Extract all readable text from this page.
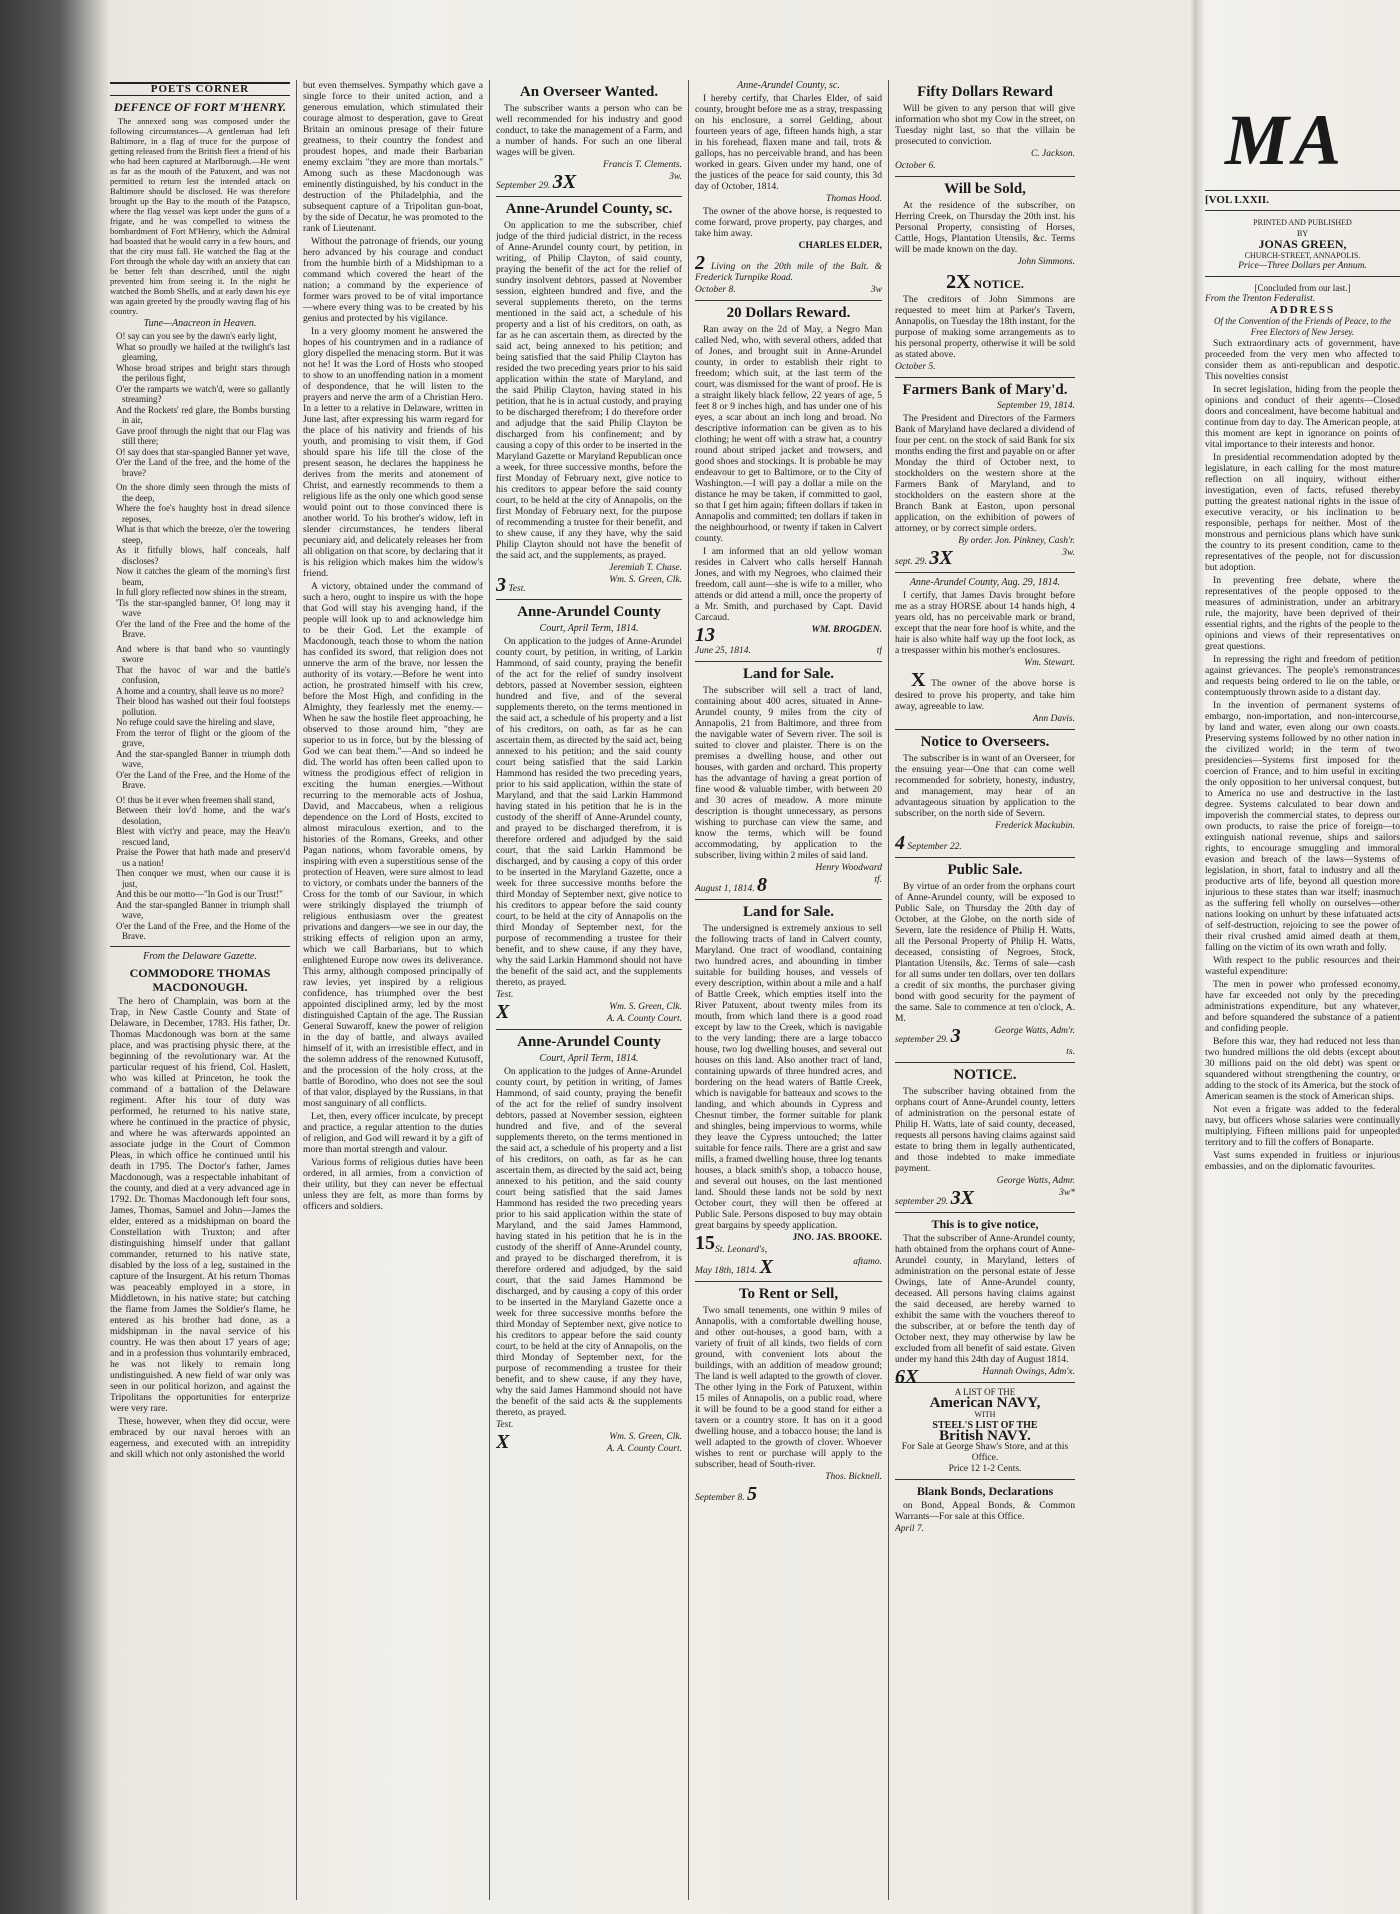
POETS CORNER
DEFENCE OF FORT M'HENRY.

The annexed song was composed under the following circumstances—A gentleman had left Baltimore, in a flag of truce for the purpose of getting released from the British fleet a friend of his who had been captured at Marlborough.—He went as far as the mouth of the Patuxent, and was not permitted to return lest the intended attack on Baltimore should be disclosed. He was therefore brought up the Bay to the mouth of the Patapsco, where the flag vessel was kept under the guns of a frigate, and he was compelled to witness the bombardment of Fort M'Henry, which the Admiral had boasted that he would carry in a few hours, and that the city must fall. He watched the flag at the Fort through the whole day with an anxiety that can be better felt than described, until the night prevented him from seeing it. In the night he watched the Bomb Shells, and at early dawn his eye was again greeted by the proudly waving flag of his country.

Tune—Anacreon in Heaven.
O! say can you see by the dawn's early light,
What so proudly we hailed at the twilight's last gleaming,
Whose broad stripes and bright stars through the perilous fight,
O'er the ramparts we watch'd, were so gallantly streaming?
And the Rockets' red glare, the Bombs bursting in air,
Gave proof through the night that our Flag was still there;
O! say does that star-spangled Banner yet wave,
O'er the Land of the free, and the home of the brave?
On the shore dimly seen through the mists of the deep,
Where the foe's haughty host in dread silence reposes,
What is that which the breeze, o'er the towering steep,
As it fitfully blows, half conceals, half discloses?
Now it catches the gleam of the morning's first beam,
In full glory reflected now shines in the stream,
'Tis the star-spangled banner, O! long may it wave
O'er the land of the Free and the home of the Brave.
And where is that band who so vauntingly swore
That the havoc of war and the battle's confusion,
A home and a country, shall leave us no more?
Their blood has washed out their foul footsteps pollution.
No refuge could save the hireling and slave,
From the terror of flight or the gloom of the grave,
And the star-spangled Banner in triumph doth wave,
O'er the Land of the Free, and the Home of the Brave.
O! thus be it ever when freemen shall stand,
Between their lov'd home, and the war's desolation,
Blest with vict'ry and peace, may the Heav'n rescued land,
Praise the Power that hath made and preserv'd us a nation!
Then conquer we must, when our cause it is just,
And this be our motto—"In God is our Trust!"
And the star-spangled Banner in triumph shall wave,
O'er the Land of the Free, and the Home of the Brave.
From the Delaware Gazette.
COMMODORE THOMAS MACDONOUGH.

The hero of Champlain, was born at the Trap, in New Castle County and State of Delaware, in December, 1783. His father, Dr. Thomas Macdonough was born at the same place, and was practising physic there, at the beginning of the revolutionary war. At the particular request of his friend, Col. Haslett, who was killed at Princeton, he took the command of a battalion of the Delaware regiment. After his tour of duty was performed, he returned to his native state, where he continued in the practice of physic, and where he was afterwards appointed an associate judge in the Court of Common Pleas, in which office he continued until his death in 1795. The Doctor's father, James Macdonough, was a respectable inhabitant of the county, and died at a very advanced age in 1792. Dr. Thomas Macdonough left four sons, James, Thomas, Samuel and John—James the elder, entered as a midshipman on board the Constellation with Truxton; and after distinguishing himself under that gallant commander, returned to his native state, disabled by the loss of a leg, sustained in the capture of the Insurgent. At his return Thomas was peaceably employed in a store, in Middletown, in his native state; but catching the flame from James the Soldier's flame, he entered as his brother had done, as a midshipman in the naval service of his country. He was then about 17 years of age; and in a profession thus voluntarily embraced, he was not likely to remain long undistinguished. A new field of war only was seen in our political horizon, and against the Tripolitans the opportunities for enterprize were very rare.

These, however, when they did occur, were embraced by our naval heroes with an eagerness, and executed with an intrepidity and skill which not only astonished the world

but even themselves. Sympathy which gave a single force to their united action, and a generous emulation, which stimulated their courage almost to desperation, gave to Great Britain an ominous presage of their future greatness, to their country the fondest and proudest hopes, and made their Barbarian enemy exclaim "they are more than mortals." Among such as these Macdonough was eminently distinguished, by his conduct in the destruction of the Philadelphia, and the subsequent capture of a Tripolitan gun-boat, by the side of Decatur, he was promoted to the rank of Lieutenant.

Without the patronage of friends, our young hero advanced by his courage and conduct from the humble birth of a Midshipman to a command which covered the heart of the nation; a command by the experience of former wars proved to be of vital importance—where every thing was to be created by his genius and protected by his vigilance.

In a very gloomy moment he answered the hopes of his countrymen and in a radiance of glory dispelled the menacing storm. But it was not he! It was the Lord of Hosts who stooped to show to an unoffending nation in a moment of despondence, that he will listen to the prayers and nerve the arm of a Christian Hero. In a letter to a relative in Delaware, written in June last, after expressing his warm regard for the place of his nativity and friends of his youth, and promising to visit them, if God should spare his life till the close of the present season, he declares the happiness he derives from the merits and atonement of Christ, and earnestly recommends to them a religious life as the only one which good sense would point out to those convinced there is another world. To his brother's widow, left in slender circumstances, he tenders liberal pecuniary aid, and delicately releases her from all obligation on that score, by declaring that it is his religion which makes him the widow's friend.

A victory, obtained under the command of such a hero, ought to inspire us with the hope that God will stay his avenging hand, if the people will look up to and acknowledge him to be their God. Let the example of Macdonough, teach those to whom the nation has confided its sword, that religion does not unnerve the arm of the brave, nor lessen the authority of its votary.—Before he went into action, he prostrated himself with his crew, before the Most High, and confiding in the Almighty, they fearlessly met the enemy.—When he saw the hostile fleet approaching, he observed to those around him, "they are superior to us in force, but by the blessing of God we can beat them."—And so indeed he did. The world has often been called upon to witness the prodigious effect of religion in exciting the human energies.—Without recurring to the memorable acts of Joshua, David, and Maccabeus, when a religious dependence on the Lord of Hosts, excited to almost miraculous exertion, and to the histories of the Romans, Greeks, and other Pagan nations, whom favorable omens, by inspiring with even a superstitious sense of the protection of Heaven, were sure almost to lead to victory, or combats under the banners of the Cross for the tomb of our Saviour, in which were strikingly displayed the triumph of religious enthusiasm over the greatest privations and dangers—we see in our day, the striking effects of religion upon an army, which we call Barbarians, but to which enlightened Europe now owes its deliverance. This army, although composed principally of raw levies, yet inspired by a religious confidence, has triumphed over the best appointed disciplined army, led by the most distinguished Captain of the age. The Russian General Suwaroff, knew the power of religion in the day of battle, and always availed himself of it, with an irresistible effect, and in the solemn address of the renowned Kutusoff, and the procession of the holy cross, at the battle of Borodino, who does not see the soul of that valor, displayed by the Russians, in that most sanguinary of all conflicts.

Let, then, every officer inculcate, by precept and practice, a regular attention to the duties of religion, and God will reward it by a gift of more than mortal strength and valour.

Various forms of religious duties have been ordered, in all armies, from a conviction of their utility, but they can never be effectual unless they are felt, as more than forms by officers and soldiers.

An Overseer Wanted.

The subscriber wants a person who can be well recommended for his industry and good conduct, to take the management of a Farm, and a number of hands. For such an one liberal wages will be given.

Francis T. Clements.
September 29. 3X	3w.
Anne-Arundel County, sc.

On application to me the subscriber, chief judge of the third judicial district, in the recess of Anne-Arundel county court, by petition, in writing, of Philip Clayton, of said county, praying the benefit of the act for the relief of sundry insolvent debtors, passed at November session, eighteen hundred and five, and the several supplements thereto, on the terms mentioned in the said act, a schedule of his property and a list of his creditors, on oath, as far as he can ascertain them, as directed by the said act, being annexed to his petition; and being satisfied that the said Philip Clayton has resided the two preceding years prior to his said application within the state of Maryland, and the said Philip Clayton, having stated in his petition, that he is in actual custody, and praying to be discharged therefrom; I do therefore order and adjudge that the said Philip Clayton be discharged from his confinement; and by causing a copy of this order to be inserted in the Maryland Gazette or Maryland Republican once a week, for three successive months, before the first Monday of February next, give notice to his creditors to appear before the said county court, to be held at the city of Annapolis, on the first Monday of February next, for the purpose of recommending a trustee for their benefit, and to shew cause, if any they have, why the said Philip Clayton should not have the benefit of the said act, and the supplements, as prayed.

Jeremiah T. Chase.
3 Test.
Wm. S. Green, Clk.
Anne-Arundel County
Court, April Term, 1814.

On application to the judges of Anne-Arundel county court, by petition, in writing, of Larkin Hammond, of said county, praying the benefit of the act for the relief of sundry insolvent debtors, passed at November session, eighteen hundred and five, and of the several supplements thereto, on the terms mentioned in the said act, a schedule of his property and a list of his creditors, on oath, as far as he can ascertain them, as directed by the said act, being annexed to his petition; and the said county court being satisfied that the said Larkin Hammond has resided the two preceding years, prior to his said application, within the state of Maryland, and that the said Larkin Hammond having stated in his petition that he is in the custody of the sheriff of Anne-Arundel county, and prayed to be discharged therefrom, it is therefore ordered and adjudged by the said court, that the said Larkin Hammond be discharged, and by causing a copy of this order to be inserted in the Maryland Gazette, once a week for three successive months before the third Monday of September next, give notice to his creditors to appear before the said county court, to be held at the city of Annapolis on the third Monday of September next, for the purpose of recommending a trustee for their benefit, and to shew cause, if any they have, why the said Larkin Hammond should not have the benefit of the said act, and the supplements thereto, as prayed.

Test.
X	Wm. S. Green, Clk.
A. A. County Court.
Anne-Arundel County
Court, April Term, 1814.

On application to the judges of Anne-Arundel county court, by petition in writing, of James Hammond, of said county, praying the benefit of the act for the relief of sundry insolvent debtors, passed at November session, eighteen hundred and five, and of the several supplements thereto, on the terms mentioned in the said act, a schedule of his property and a list of his creditors, on oath, as far as he can ascertain them, as directed by the said act, being annexed to his petition, and the said county court being satisfied that the said James Hammond has resided the two preceding years prior to his said application within the state of Maryland, and the said James Hammond, having stated in his petition that he is in the custody of the sheriff of Anne-Arundel county, and prayed to be discharged therefrom, it is therefore ordered and adjudged, by the said court, that the said James Hammond be discharged, and by causing a copy of this order to be inserted in the Maryland Gazette once a week for three successive months before the third Monday of September next, give notice to his creditors to appear before the said county court, to be held at the city of Annapolis, on the third Monday of September next, for the purpose of recommending a trustee for their benefit, and to shew cause, if any they have, why the said James Hammond should not have the benefit of the said acts & the supplements thereto, as prayed.

Test.
X	Wm. S. Green, Clk.
A. A. County Court.
Anne-Arundel County, sc.

I hereby certify, that Charles Elder, of said county, brought before me as a stray, trespassing on his enclosure, a sorrel Gelding, about fourteen years of age, fifteen hands high, a star in his forehead, flaxen mane and tail, trots & gallops, has no perceivable brand, and has been worked in gears. Given under my hand, one of the justices of the peace for said county, this 3d day of October, 1814.

Thomas Hood.

The owner of the above horse, is requested to come forward, prove property, pay charges, and take him away.

CHARLES ELDER,
2 Living on the 20th mile of the Balt. & Frederick Turnpike Road.
October 8.	3w
20 Dollars Reward.

Ran away on the 2d of May, a Negro Man called Ned, who, with several others, added that of Jones, and brought suit in Anne-Arundel county, in order to establish their right to freedom; which suit, at the last term of the court, was dismissed for the want of proof. He is a straight likely black fellow, 22 years of age, 5 feet 8 or 9 inches high, and has under one of his eyes, a scar about an inch long and broad. No descriptive information can be given as to his clothing; he went off with a straw hat, a country round about striped jacket and trowsers, and good shoes and stockings. It is probable he may endeavour to get to Baltimore, or to the City of Washington.—I will pay a dollar a mile on the distance he may be taken, if committed to gaol, so that I get him again; fifteen dollars if taken in Annapolis and committed; ten dollars if taken in the neighbourhood, or twenty if taken in Calvert county.

I am informed that an old yellow woman resides in Calvert who calls herself Hannah Jones, and with my Negroes, who claimed their freedom, call aunt—she is wife to a miller, who attends or did attend a mill, once the property of a Mr. Smith, and purchased by Capt. David Carcaud.

13	WM. BROGDEN.
June 25, 1814.	tf
Land for Sale.

The subscriber will sell a tract of land, containing about 400 acres, situated in Anne-Arundel county, 9 miles from the city of Annapolis, 21 from Baltimore, and three from the navigable water of Severn river. The soil is suited to clover and plaister. There is on the premises a dwelling house, and other out houses, with garden and orchard. This property has the advantage of having a great portion of fine wood & valuable timber, with between 20 and 30 acres of meadow. A more minute description is thought unnecessary, as persons wishing to purchase can view the same, and know the terms, which will be found accommodating, by application to the subscriber, living within 2 miles of said land.

Henry Woodward
August 1, 1814. 8	tf.
Land for Sale.

The undersigned is extremely anxious to sell the following tracts of land in Calvert county, Maryland. One tract of woodland, containing two hundred acres, and abounding in timber suitable for building houses, and vessels of every description, within about a mile and a half of Battle Creek, which empties itself into the River Patuxent, about twenty miles from its mouth, from which land there is a good road except by law to the Creek, which is navigable to the very landing; there are a large tobacco house, two log dwelling houses, and several out houses on this land. Also another tract of land, containing upwards of three hundred acres, and bordering on the head waters of Battle Creek, which is navigable for batteaux and scows to the landing, and which abounds in Cypress and Chesnut timber, the former suitable for plank and shingles, being impervious to worms, while they leave the Cypress untouched; the latter suitable for fence rails. There are a grist and saw mills, a framed dwelling house, three log tenants houses, a black smith's shop, a tobacco house, and several out houses, on the last mentioned land. Should these lands not be sold by next October court, they will then be offered at Public Sale. Persons disposed to buy may obtain great bargains by speedy application.

15	JNO. JAS. BROOKE.
St. Leonard's,
May 18th, 1814. X	aftamo.
To Rent or Sell,

Two small tenements, one within 9 miles of Annapolis, with a comfortable dwelling house, and other out-houses, a good barn, with a variety of fruit of all kinds, two fields of corn ground, with convenient lots about the buildings, with an addition of meadow ground; The land is well adapted to the growth of clover. The other lying in the Fork of Patuxent, within 15 miles of Annapolis, on a public road, where it will be found to be a good stand for either a tavern or a country store. It has on it a good dwelling house, and a tobacco house; the land is well adapted to the growth of clover. Whoever wishes to rent or purchase will apply to the subscriber, head of South-river.

Thos. Bicknell.
September 8. 5
Fifty Dollars Reward

Will be given to any person that will give information who shot my Cow in the street, on Tuesday night last, so that the villain be prosecuted to conviction.

C. Jackson.
October 6.
Will be Sold,

At the residence of the subscriber, on Herring Creek, on Thursday the 20th inst. his Personal Property, consisting of Horses, Cattle, Hogs, Plantation Utensils, &c. Terms will be made known on the day.

John Simmons.
2X NOTICE.

The creditors of John Simmons are requested to meet him at Parker's Tavern, Annapolis, on Tuesday the 18th instant, for the purpose of making some arrangements as to his personal property, otherwise it will be sold as stated above.

October 5.
Farmers Bank of Mary'd.
September 19, 1814.

The President and Directors of the Farmers Bank of Maryland have declared a dividend of four per cent. on the stock of said Bank for six months ending the first and payable on or after Monday the third of October next, to stockholders on the western shore at the Farmers Bank of Maryland, and to stockholders on the eastern shore at the Branch Bank at Easton, upon personal application, on the exhibition of powers of attorney, or by correct simple orders.

By order. Jon. Pinkney, Cash'r.
sept. 29. 3X	3w.
Anne-Arundel County, Aug. 29, 1814.

I certify, that James Davis brought before me as a stray HORSE about 14 hands high, 4 years old, has no perceivable mark or brand, except that the near fore hoof is white, and the hair is also white half way up the foot lock, as a trespasser within his mother's enclosures.

Wm. Stewart.

X The owner of the above horse is desired to prove his property, and take him away, agreeable to law.

Ann Davis.
Notice to Overseers.

The subscriber is in want of an Overseer, for the ensuing year—One that can come well recommended for sobriety, honesty, industry, and management, may hear of an advantageous situation by application to the subscriber, on the north side of Severn.

Frederick Mackubin.
4 September 22.
Public Sale.

By virtue of an order from the orphans court of Anne-Arundel county, will be exposed to Public Sale, on Thursday the 20th day of October, at the Globe, on the north side of Severn, late the residence of Philip H. Watts, all the Personal Property of Philip H. Watts, deceased, consisting of Negroes, Stock, Plantation Utensils, &c. Terms of sale—cash for all sums under ten dollars, over ten dollars a credit of six months, the purchaser giving bond with good security for the payment of the same. Sale to commence at ten o'clock, A. M.

september 29. 3	George Watts, Adm'r.
ts.
NOTICE.

The subscriber having obtained from the orphans court of Anne-Arundel county, letters of administration on the personal estate of Philip H. Watts, late of said county, deceased, requests all persons having claims against said estate to bring them in legally authenticated, and those indebted to make immediate payment.

George Watts, Admr.
september 29. 3X	3w*
This is to give notice,

That the subscriber of Anne-Arundel county, hath obtained from the orphans court of Anne-Arundel county, in Maryland, letters of administration on the personal estate of Jesse Owings, late of Anne-Arundel county, deceased. All persons having claims against the said deceased, are hereby warned to exhibit the same with the vouchers thereof to the subscriber, at or before the tenth day of October next, they may otherwise by law be excluded from all benefit of said estate. Given under my hand this 24th day of August 1814.

6X	Hannah Owings, Adm'x.
A LIST OF THE
American NAVY,
WITH
STEEL'S LIST OF THE
British NAVY.
For Sale at George Shaw's Store, and at this Office.
Price 12 1-2 Cents.
Blank Bonds, Declarations

on Bond, Appeal Bonds, & Common Warrants—For sale at this Office.

April 7.
MA
[VOL LXXII.
PRINTED AND PUBLISHED
BY
JONAS GREEN,
CHURCH-STREET, ANNAPOLIS.
Price—Three Dollars per Annum.
[Concluded from our last.]
From the Trenton Federalist.
ADDRESS
Of the Convention of the Friends of Peace, to the Free Electors of New Jersey.

Such extraordinary acts of government, have proceeded from the very men who affected to consider them as anti-republican and despotic. This novelties consist

In secret legislation, hiding from the people the opinions and conduct of their agents—Closed doors and concealment, have become habitual and continue from day to day. The American people, at this moment are kept in ignorance on points of vital importance to their interests and honor.

In presidential recommendation adopted by the legislature, in each calling for the most mature reflection on all inquiry, without either investigation, even of facts, refused thereby putting the greatest national rights in the issue of executive veracity, or his inclination to be responsible, perhaps for neither. Most of the monstrous and pernicious plans which have sunk the country to its present condition, came to the representatives of the people, not for discussion but adoption.

In preventing free debate, where the representatives of the people opposed to the measures of administration, under an arbitrary rule, the majority, have been deprived of their essential rights, and the rights of the people to the opinions and views of their representatives on great questions.

In repressing the right and freedom of petition against grievances. The people's remonstrances and requests being ordered to lie on the table, or contemptuously thrown aside to a distant day.

In the invention of permanent systems of embargo, non-importation, and non-intercourse, by land and water, even along our own coasts. Preserving systems followed by no other nation in the civilized world; in the term of two presidencies—Systems first imposed for the coercion of France, and to him useful in exciting the only opposition to her universal conquest, but to America no use and destructive in the last degree. Systems calculated to bear down and impoverish the commercial states, to depress our own products, to raise the price of foreign—to extinguish national revenue, ships and sailors rights, to encourage smuggling and immoral evasion and breach of the laws—Systems of legislation, in short, fatal to industry and all the productive arts of life, beyond all question more injurious to these states than war itself; inasmuch as the suffering fell wholly on ourselves—other nations looking on unhurt by these infatuated acts of self-destruction, rejoicing to see the power of their rival crushed amid aimed death at them, falling on the victim of its own wrath and folly.

With respect to the public resources and their wasteful expenditure:

The men in power who professed economy, have far exceeded not only by the preceding administrations expenditure, but any whatever, and before squandered the substance of a patient and confiding people.

Before this war, they had reduced not less than two hundred millions the old debts (except about 30 millions paid on the old debt) was spent or squandered without strengthening the country, or adding to the stock of its America, but the stock of American seamen is the stock of American ships.

Not even a frigate was added to the federal navy, but officers whose salaries were continually multiplying. Fifteen millions paid for unpeopled territory and to fill the coffers of Bonaparte.

Vast sums expended in fruitless or injurious embassies, and on the diplomatic favourites.
